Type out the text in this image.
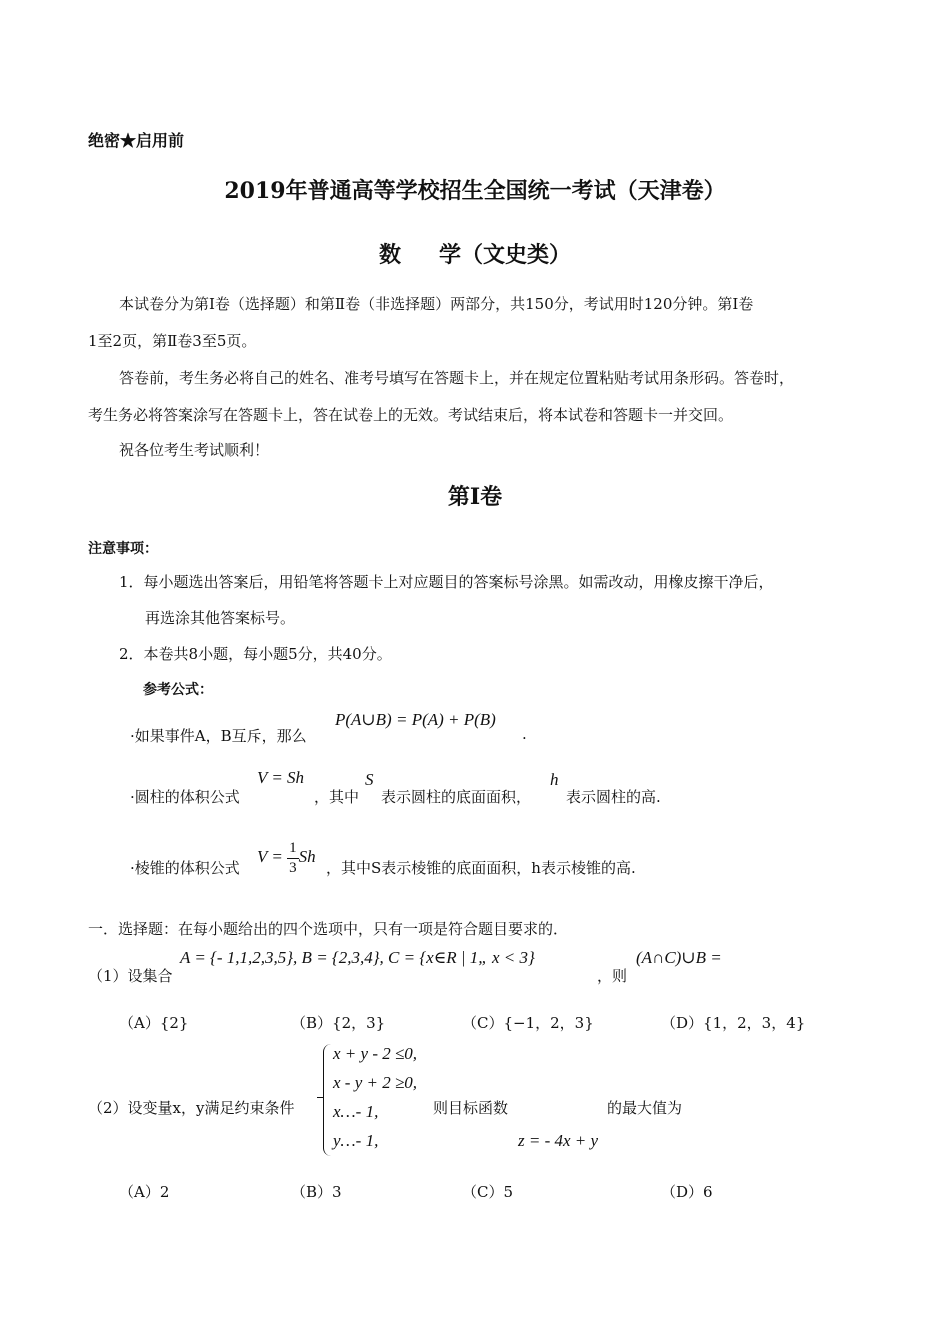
绝密★启用前
2019年普通高等学校招生全国统一考试（天津卷）
数 学（文史类）
本试卷分为第Ⅰ卷（选择题）和第Ⅱ卷（非选择题）两部分，共150分，考试用时120分钟。第Ⅰ卷
1至2页，第Ⅱ卷3至5页。
答卷前，考生务必将自己的姓名、准考号填写在答题卡上，并在规定位置粘贴考试用条形码。答卷时，
考生务必将答案涂写在答题卡上，答在试卷上的无效。考试结束后，将本试卷和答题卡一并交回。
祝各位考生考试顺利！
第Ⅰ卷
注意事项：
1．每小题选出答案后，用铅笔将答题卡上对应题目的答案标号涂黑。如需改动，用橡皮擦干净后，
再选涂其他答案标号。
2．本卷共8小题，每小题5分，共40分。
参考公式：
·如果事件A，B互斥，那么
P(A∪B) = P(A) + P(B)
.
·圆柱的体积公式
V = Sh
，其中
S
表示圆柱的底面面积，
h
表示圆柱的高.
·棱锥的体积公式
$V = \frac{1}{3}$ Sh
，其中S表示棱锥的底面面积，h表示棱锥的高.
一．选择题：在每小题给出的四个选项中，只有一项是符合题目要求的．
（1）设集合
A = {- 1,1,2,3,5}, B = {2,3,4}, C = {x∈R | 1„ x < 3}
，则
(A∩C)∪B =
（A）{2}	（B）{2，3}	（C）{−1，2，3}	（D）{1，2，3，4}
（2）设变量x，y满足约束条件
x + y - 2 ≤0,
x - y + 2 ≥0,
x…- 1,
y…- 1,
则目标函数
z = - 4x + y
的最大值为
（A）2	（B）3	（C）5	（D）6
